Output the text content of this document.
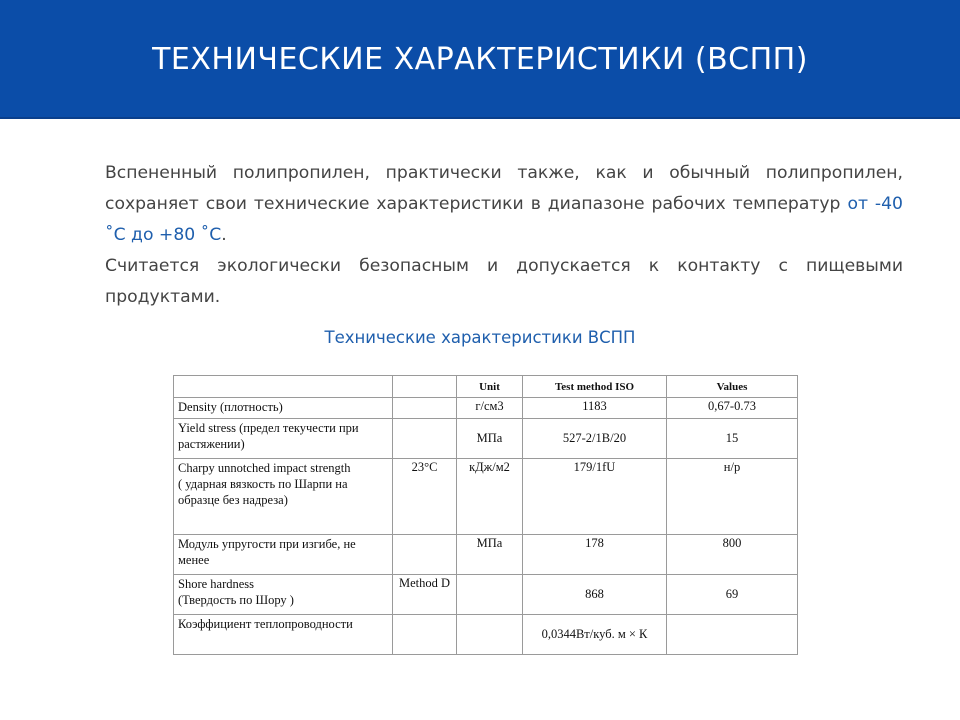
ТЕХНИЧЕСКИЕ ХАРАКТЕРИСТИКИ (ВСПП)

Вспененный полипропилен, практически также, как и обычный полипропилен, сохраняет свои технические характеристики в диапазоне рабочих температур от -40 ˚С до +80 ˚С.

Считается экологически безопасным и допускается к контакту с пищевыми продуктами.

Технические характеристики ВСПП
		Unit	Test method ISO	Values
Density (плотность)		г/см3	1183	0,67-0.73
Yield stress (предел текучести при растяжении)		МПа	527-2/1B/20	15

Charpy unnotched impact strength
( ударная вязкость по Шарпи на образце без надреза)	23°C	кДж/м2	179/1fU	н/р
Модуль упругости при изгибе, не менее		МПа	178	800

Shore hardness
(Твердость по Шору )	Method D		868	69
Коэффициент теплопроводности			0,0344Вт/куб. м × К	
